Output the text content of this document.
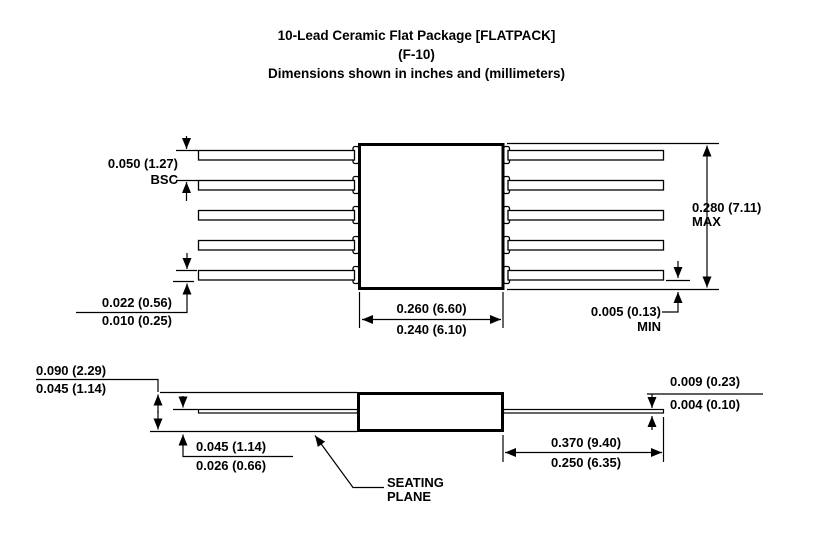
10-Lead Ceramic Flat Package [FLATPACK]
(F-10)
Dimensions shown in inches and (millimeters)
0.050 (1.27)
BSC
0.022 (0.56)
0.010 (0.25)
0.260 (6.60)
0.240 (6.10)
0.280 (7.11)
MAX
0.005 (0.13)
MIN
0.090 (2.29)
0.045 (1.14)
0.045 (1.14)
0.026 (0.66)
0.009 (0.23)
0.004 (0.10)
0.370 (9.40)
0.250 (6.35)
SEATING
PLANE
